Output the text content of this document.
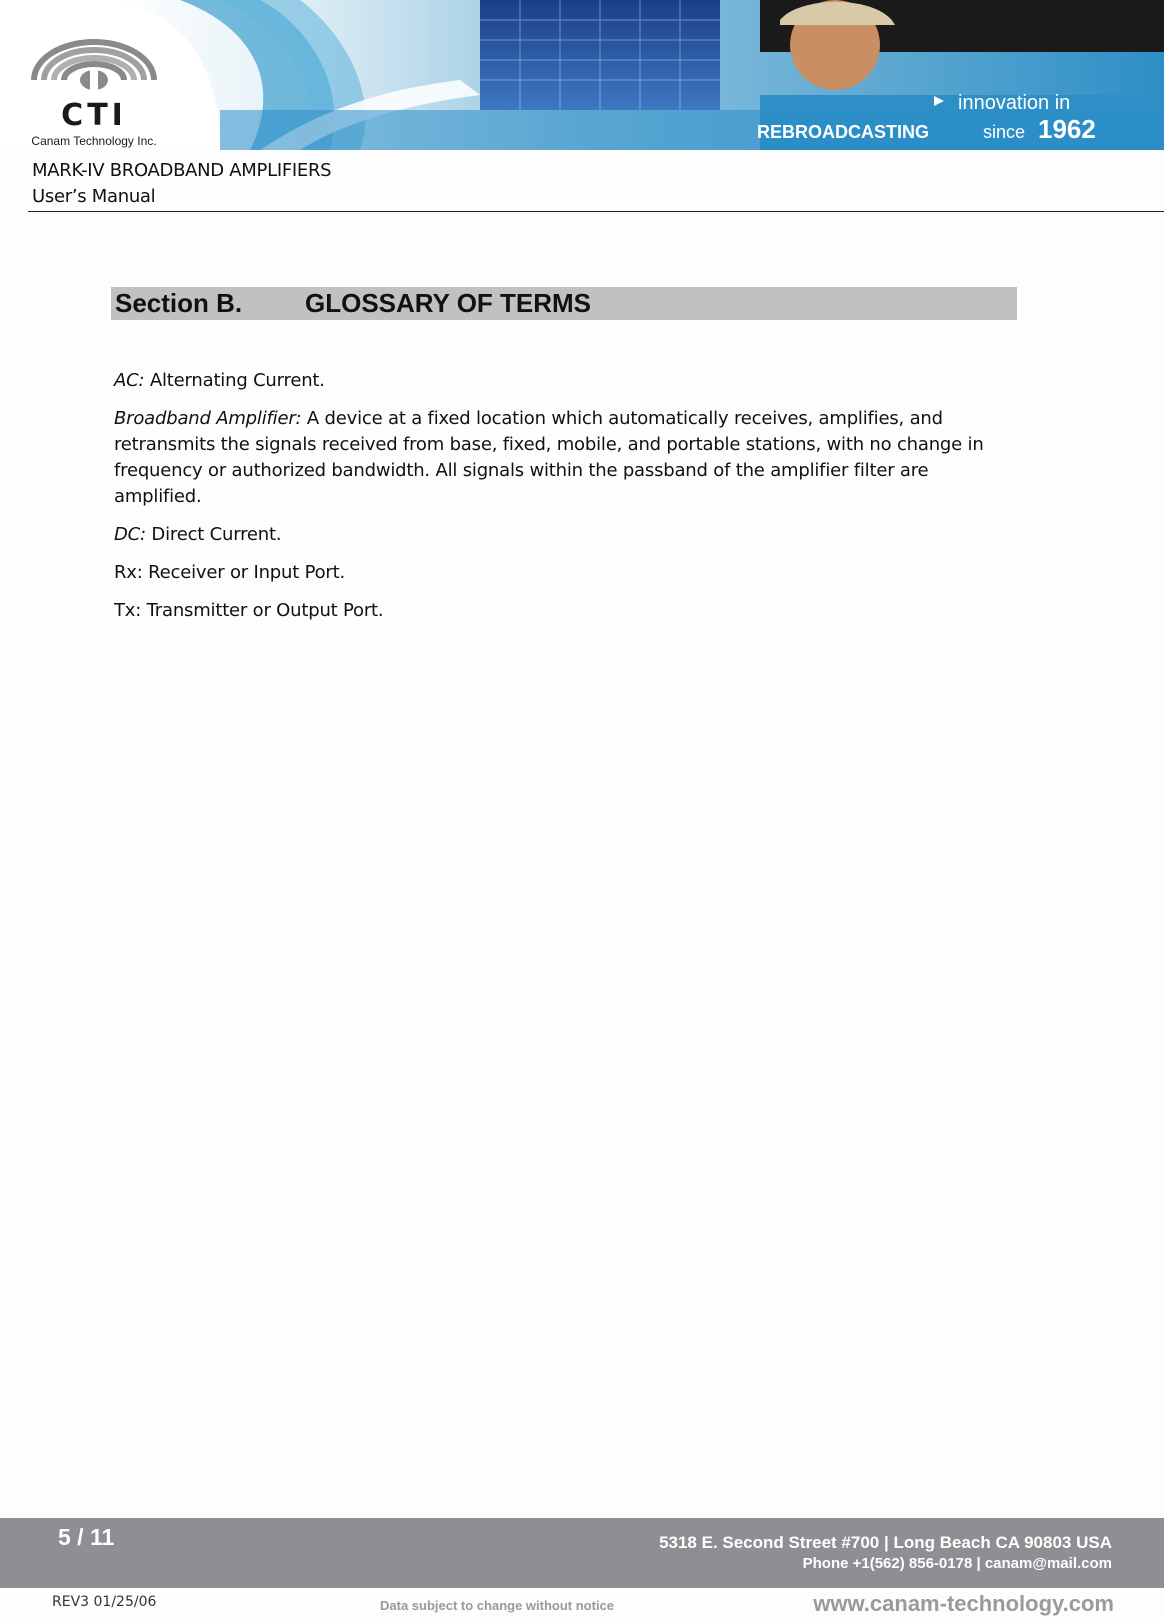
innovation in
REBROADCASTING	since 1962
CTI
Canam Technology Inc.
MARK-IV BROADBAND AMPLIFIERS
User’s Manual
Section B.	GLOSSARY OF TERMS

AC: Alternating Current.

Broadband Amplifier: A device at a fixed location which automatically receives, amplifies, and retransmits the signals received from base, fixed, mobile, and portable stations, with no change in frequency or authorized bandwidth. All signals within the passband of the amplifier filter are amplified.

DC: Direct Current.

Rx: Receiver or Input Port.

Tx: Transmitter or Output Port.

5 / 11	5318 E. Second Street #700 | Long Beach CA 90803 USA
Phone +1(562) 856-0178 | canam@mail.com
REV3 01/25/06	Data subject to change without notice	www.canam-technology.com
